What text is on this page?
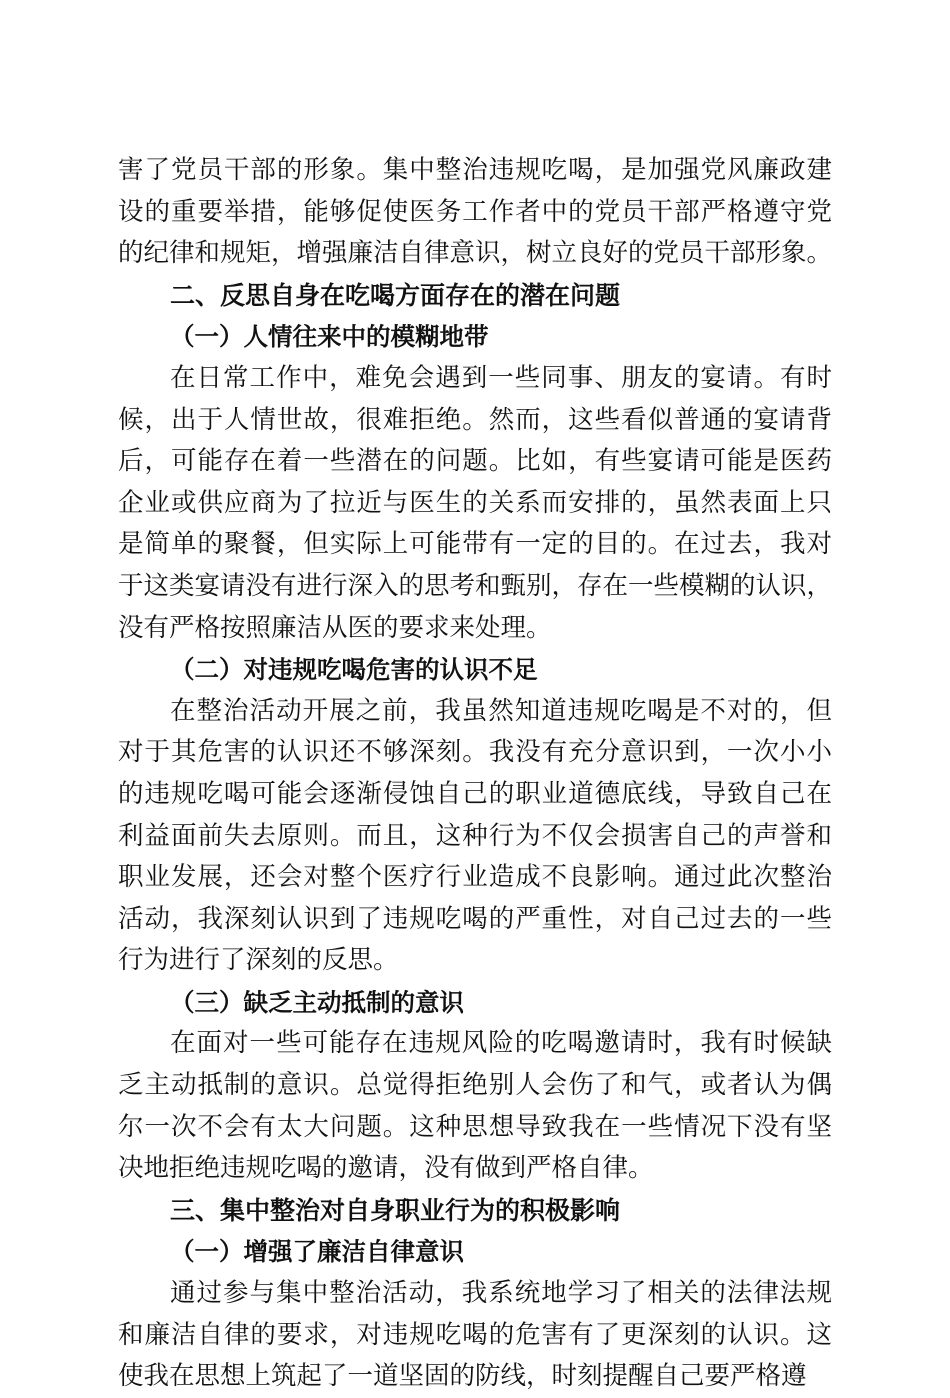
害了党员干部的形象。集中整治违规吃喝，是加强党风廉政建
设的重要举措，能够促使医务工作者中的党员干部严格遵守党
的纪律和规矩，增强廉洁自律意识，树立良好的党员干部形象。
二、反思自身在吃喝方面存在的潜在问题
（一）人情往来中的模糊地带
在日常工作中，难免会遇到一些同事、朋友的宴请。有时
候，出于人情世故，很难拒绝。然而，这些看似普通的宴请背
后，可能存在着一些潜在的问题。比如，有些宴请可能是医药
企业或供应商为了拉近与医生的关系而安排的，虽然表面上只
是简单的聚餐，但实际上可能带有一定的目的。在过去，我对
于这类宴请没有进行深入的思考和甄别，存在一些模糊的认识，
没有严格按照廉洁从医的要求来处理。
（二）对违规吃喝危害的认识不足
在整治活动开展之前，我虽然知道违规吃喝是不对的，但
对于其危害的认识还不够深刻。我没有充分意识到，一次小小
的违规吃喝可能会逐渐侵蚀自己的职业道德底线，导致自己在
利益面前失去原则。而且，这种行为不仅会损害自己的声誉和
职业发展，还会对整个医疗行业造成不良影响。通过此次整治
活动，我深刻认识到了违规吃喝的严重性，对自己过去的一些
行为进行了深刻的反思。
（三）缺乏主动抵制的意识
在面对一些可能存在违规风险的吃喝邀请时，我有时候缺
乏主动抵制的意识。总觉得拒绝别人会伤了和气，或者认为偶
尔一次不会有太大问题。这种思想导致我在一些情况下没有坚
决地拒绝违规吃喝的邀请，没有做到严格自律。
三、集中整治对自身职业行为的积极影响
（一）增强了廉洁自律意识
通过参与集中整治活动，我系统地学习了相关的法律法规
和廉洁自律的要求，对违规吃喝的危害有了更深刻的认识。这
使我在思想上筑起了一道坚固的防线，时刻提醒自己要严格遵
